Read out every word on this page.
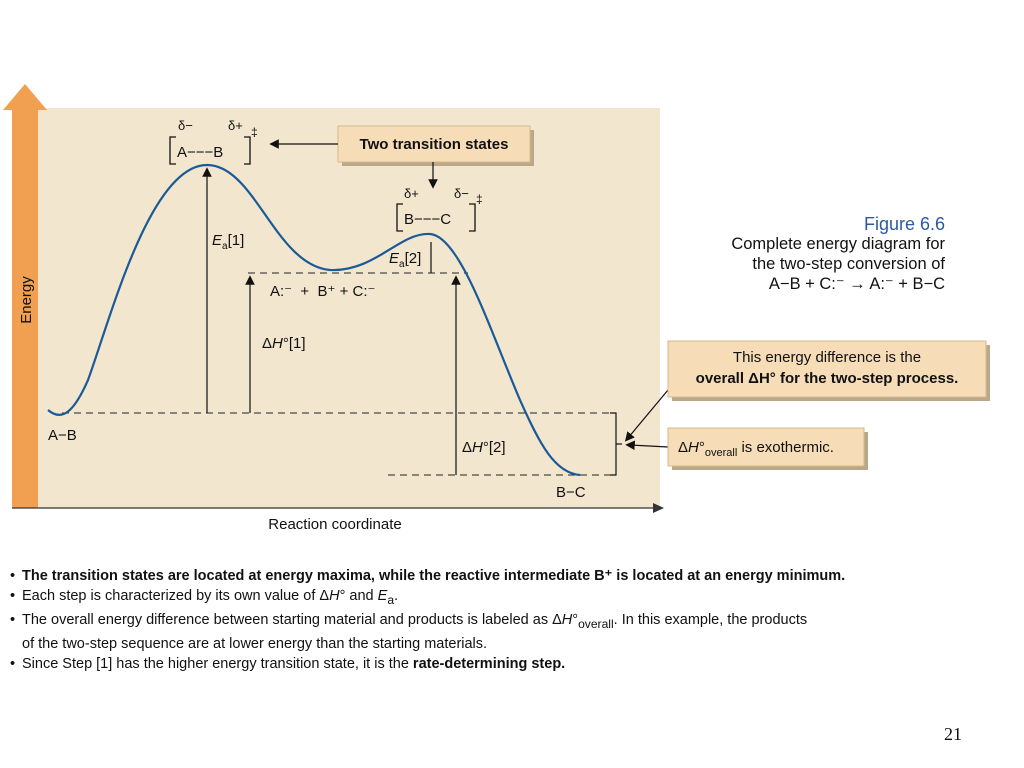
Energy
Reaction coordinate
$E_a[1]$
ΔH°[1]
$E_a[2]$
ΔH°[2]
A:⁻  +  B⁺ + C:⁻
A−B
B−C
δ−	δ+
A−−−B
‡
δ+	δ−
B−−−C
‡
Two transition states
This energy difference is the
overall ΔH° for the two-step process.
$\Delta H^\circ_{overall}$ is exothermic.
Figure 6.6
Complete energy diagram for
the two-step conversion of
A−B + C:⁻ → A:⁻ + B−C
• The transition states are located at energy maxima, while the reactive intermediate B⁺ is located at an energy minimum.
• Each step is characterized by its own value of ΔH° and $E_a$.
• The overall energy difference between starting material and products is labeled as $\Delta H^\circ_{overall}$. In this example, the products
of the two-step sequence are at lower energy than the starting materials.
• Since Step [1] has the higher energy transition state, it is the rate-determining step.
21
